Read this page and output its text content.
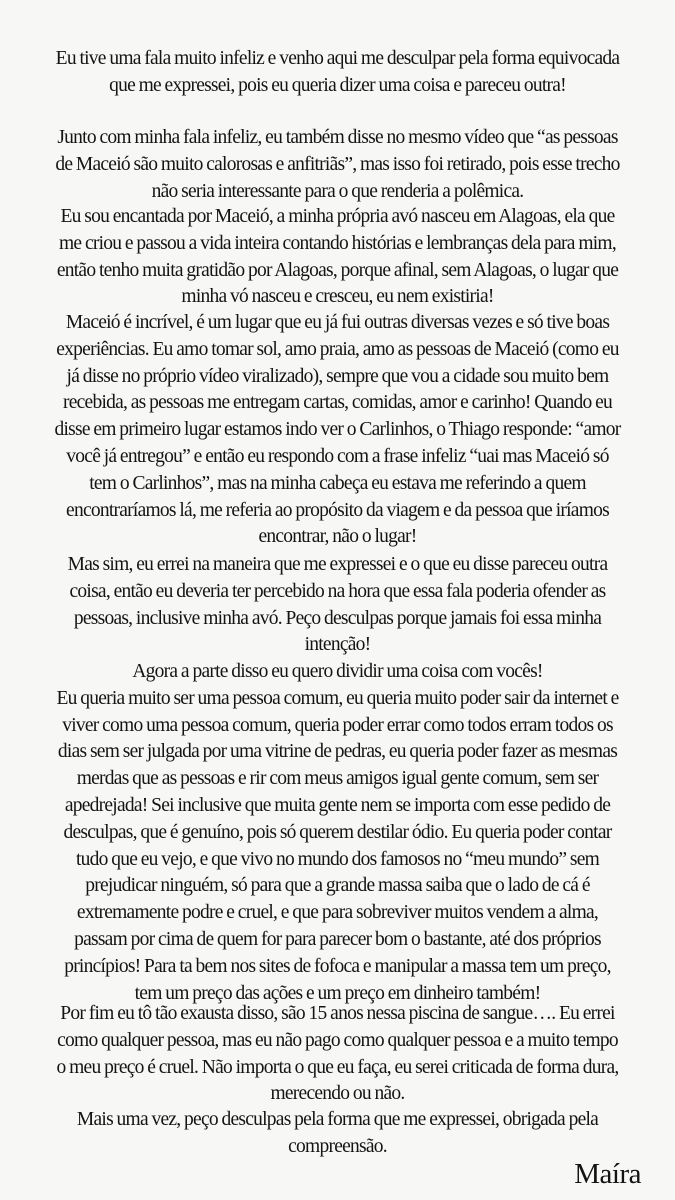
Eu tive uma fala muito infeliz e venho aqui me desculpar pela forma equivocada
que me expressei, pois eu queria dizer uma coisa e pareceu outra!
Junto com minha fala infeliz, eu também disse no mesmo vídeo que “as pessoas
de Maceió são muito calorosas e anfitriãs”, mas isso foi retirado, pois esse trecho
não seria interessante para o que renderia a polêmica.
Eu sou encantada por Maceió, a minha própria avó nasceu em Alagoas, ela que
me criou e passou a vida inteira contando histórias e lembranças dela para mim,
então tenho muita gratidão por Alagoas, porque afinal, sem Alagoas, o lugar que
minha vó nasceu e cresceu, eu nem existiria!
Maceió é incrível, é um lugar que eu já fui outras diversas vezes e só tive boas
experiências. Eu amo tomar sol, amo praia, amo as pessoas de Maceió (como eu
já disse no próprio vídeo viralizado), sempre que vou a cidade sou muito bem
recebida, as pessoas me entregam cartas, comidas, amor e carinho! Quando eu
disse em primeiro lugar estamos indo ver o Carlinhos, o Thiago responde: “amor
você já entregou” e então eu respondo com a frase infeliz “uai mas Maceió só
tem o Carlinhos”, mas na minha cabeça eu estava me referindo a quem
encontraríamos lá, me referia ao propósito da viagem e da pessoa que iríamos
encontrar, não o lugar!
Mas sim, eu errei na maneira que me expressei e o que eu disse pareceu outra
coisa, então eu deveria ter percebido na hora que essa fala poderia ofender as
pessoas, inclusive minha avó. Peço desculpas porque jamais foi essa minha
intenção!
Agora a parte disso eu quero dividir uma coisa com vocês!
Eu queria muito ser uma pessoa comum, eu queria muito poder sair da internet e
viver como uma pessoa comum, queria poder errar como todos erram todos os
dias sem ser julgada por uma vitrine de pedras, eu queria poder fazer as mesmas
merdas que as pessoas e rir com meus amigos igual gente comum, sem ser
apedrejada! Sei inclusive que muita gente nem se importa com esse pedido de
desculpas, que é genuíno, pois só querem destilar ódio. Eu queria poder contar
tudo que eu vejo, e que vivo no mundo dos famosos no “meu mundo” sem
prejudicar ninguém, só para que a grande massa saiba que o lado de cá é
extremamente podre e cruel, e que para sobreviver muitos vendem a alma,
passam por cima de quem for para parecer bom o bastante, até dos próprios
princípios! Para ta bem nos sites de fofoca e manipular a massa tem um preço,
tem um preço das ações e um preço em dinheiro também!
Por fim eu tô tão exausta disso, são 15 anos nessa piscina de sangue…. Eu errei
como qualquer pessoa, mas eu não pago como qualquer pessoa e a muito tempo
o meu preço é cruel. Não importa o que eu faça, eu serei criticada de forma dura,
merecendo ou não.
Mais uma vez, peço desculpas pela forma que me expressei, obrigada pela
compreensão.
Maíra
